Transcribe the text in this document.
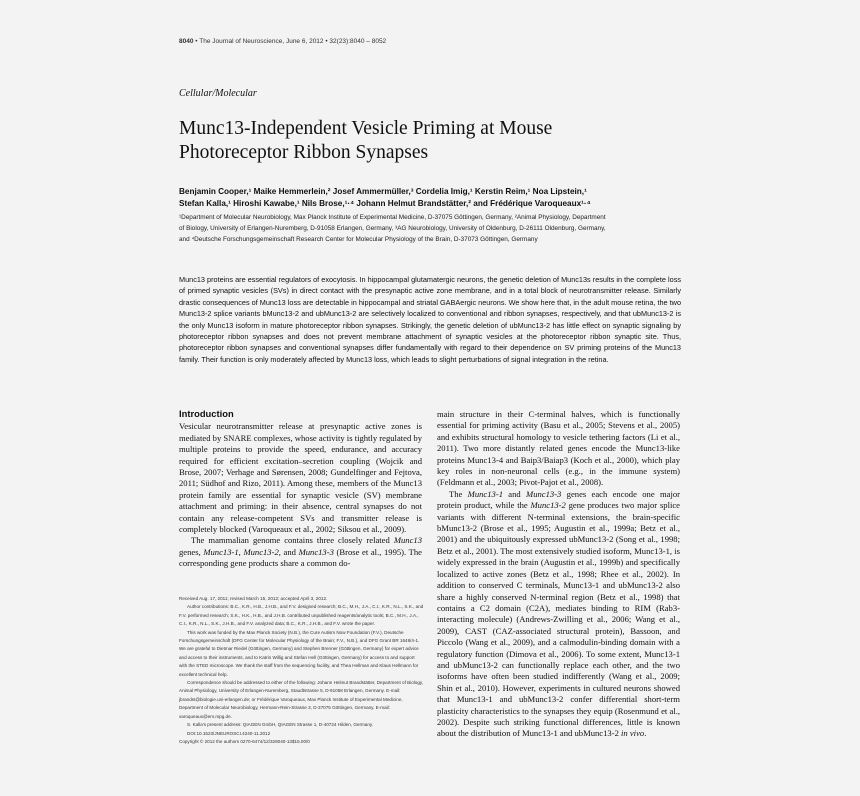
8040 • The Journal of Neuroscience, June 6, 2012 • 32(23):8040 – 8052
Cellular/Molecular
Munc13-Independent Vesicle Priming at Mouse
Photoreceptor Ribbon Synapses
Benjamin Cooper,¹ Maike Hemmerlein,² Josef Ammermüller,³ Cordelia Imig,¹ Kerstin Reim,¹ Noa Lipstein,¹
Stefan Kalla,¹ Hiroshi Kawabe,¹ Nils Brose,¹·⁴ Johann Helmut Brandstätter,² and Frédérique Varoqueaux¹·⁴
¹Department of Molecular Neurobiology, Max Planck Institute of Experimental Medicine, D-37075 Göttingen, Germany, ²Animal Physiology, Department
of Biology, University of Erlangen-Nuremberg, D-91058 Erlangen, Germany, ³AG Neurobiology, University of Oldenburg, D-26111 Oldenburg, Germany,
and ⁴Deutsche Forschungsgemeinschaft Research Center for Molecular Physiology of the Brain, D-37073 Göttingen, Germany
Munc13 proteins are essential regulators of exocytosis. In hippocampal glutamatergic neurons, the genetic deletion of Munc13s results in the complete loss of primed synaptic vesicles (SVs) in direct contact with the presynaptic active zone membrane, and in a total block of neurotransmitter release. Similarly drastic consequences of Munc13 loss are detectable in hippocampal and striatal GABAergic neurons. We show here that, in the adult mouse retina, the two Munc13-2 splice variants bMunc13-2 and ubMunc13-2 are selectively localized to conventional and ribbon synapses, respectively, and that ubMunc13-2 is the only Munc13 isoform in mature photoreceptor ribbon synapses. Strikingly, the genetic deletion of ubMunc13-2 has little effect on synaptic signaling by photoreceptor ribbon synapses and does not prevent membrane attachment of synaptic vesicles at the photoreceptor ribbon synaptic site. Thus, photoreceptor ribbon synapses and conventional synapses differ fundamentally with regard to their dependence on SV priming proteins of the Munc13 family. Their function is only moderately affected by Munc13 loss, which leads to slight perturbations of signal integration in the retina.
Introduction

Vesicular neurotransmitter release at presynaptic active zones is mediated by SNARE complexes, whose activity is tightly regulated by multiple proteins to provide the speed, endurance, and accuracy required for efficient excitation–secretion coupling (Wojcik and Brose, 2007; Verhage and Sørensen, 2008; Gundelfinger and Fejtova, 2011; Südhof and Rizo, 2011). Among these, members of the Munc13 protein family are essential for synaptic vesicle (SV) membrane attachment and priming: in their absence, central synapses do not contain any release-competent SVs and transmitter release is completely blocked (Varoqueaux et al., 2002; Siksou et al., 2009).

The mammalian genome contains three closely related Munc13 genes, Munc13-1, Munc13-2, and Munc13-3 (Brose et al., 1995). The corresponding gene products share a common do-

Received Aug. 17, 2011; revised March 15, 2012; accepted April 3, 2012.

Author contributions: B.C., K.R., H.B., J.H.B., and F.V. designed research; B.C., M.H., J.A., C.I., K.R., N.L., S.K., and F.V. performed research; S.K., H.K., H.B., and J.H.B. contributed unpublished reagents/analytic tools; B.C., M.H., J.A., C.I., K.R., N.L., S.K., J.H.B., and F.V. analyzed data; B.C., K.R., J.H.B., and F.V. wrote the paper.

This work was funded by the Max Planck Society (N.B.), the Cure Autism Now Foundation (F.V.), Deutsche Forschungsgemeinschaft (DFG Center for Molecular Physiology of the Brain; F.V., N.B.), and DFG Grant BR 1648/4-1. We are grateful to Dietmar Riedel (Göttingen, Germany) and Stephen Brenner (Göttingen, Germany) for expert advice and access to their instruments, and to Katrin Willig and Stefan Hell (Göttingen, Germany) for access to and support with the STED microscope. We thank the staff from the sequencing facility, and Thea Hellman and Klaus Hellmann for excellent technical help.

Correspondence should be addressed to either of the following: Johann Helmut Brandstätter, Department of Biology, Animal Physiology, University of Erlangen-Nuremberg, Staudtstrasse 5, D-91058 Erlangen, Germany. E-mail: jbrandst@biologie.uni-erlangen.de; or Frédérique Varoqueaux, Max Planck Institute of Experimental Medicine, Department of Molecular Neurobiology, Hermann-Rein-Strasse 3, D-37075 Göttingen, Germany. E-mail: varoqueaux@em.mpg.de.

S. Kalla's present address: QIAGEN GmbH, QIAGEN Strasse 1, D-40724 Hilden, Germany.

DOI:10.1523/JNEUROSCI.4240-11.2012

Copyright © 2012 the authors 0270-6474/12/328040-13$15.00/0

main structure in their C-terminal halves, which is functionally essential for priming activity (Basu et al., 2005; Stevens et al., 2005) and exhibits structural homology to vesicle tethering factors (Li et al., 2011). Two more distantly related genes encode the Munc13-like proteins Munc13-4 and Baip3/Baiap3 (Koch et al., 2000), which play key roles in non-neuronal cells (e.g., in the immune system) (Feldmann et al., 2003; Pivot-Pajot et al., 2008).

The Munc13-1 and Munc13-3 genes each encode one major protein product, while the Munc13-2 gene produces two major splice variants with different N-terminal extensions, the brain-specific bMunc13-2 (Brose et al., 1995; Augustin et al., 1999a; Betz et al., 2001) and the ubiquitously expressed ubMunc13-2 (Song et al., 1998; Betz et al., 2001). The most extensively studied isoform, Munc13-1, is widely expressed in the brain (Augustin et al., 1999b) and specifically localized to active zones (Betz et al., 1998; Rhee et al., 2002). In addition to conserved C terminals, Munc13-1 and ubMunc13-2 also share a highly conserved N-terminal region (Betz et al., 1998) that contains a C2 domain (C2A), mediates binding to RIM (Rab3-interacting molecule) (Andrews-Zwilling et al., 2006; Wang et al., 2009), CAST (CAZ-associated structural protein), Bassoon, and Piccolo (Wang et al., 2009), and a calmodulin-binding domain with a regulatory function (Dimova et al., 2006). To some extent, Munc13-1 and ubMunc13-2 can functionally replace each other, and the two isoforms have often been studied indifferently (Wang et al., 2009; Shin et al., 2010). However, experiments in cultured neurons showed that Munc13-1 and ubMunc13-2 confer differential short-term plasticity characteristics to the synapses they equip (Rosenmund et al., 2002). Despite such striking functional differences, little is known about the distribution of Munc13-1 and ubMunc13-2 in vivo.
